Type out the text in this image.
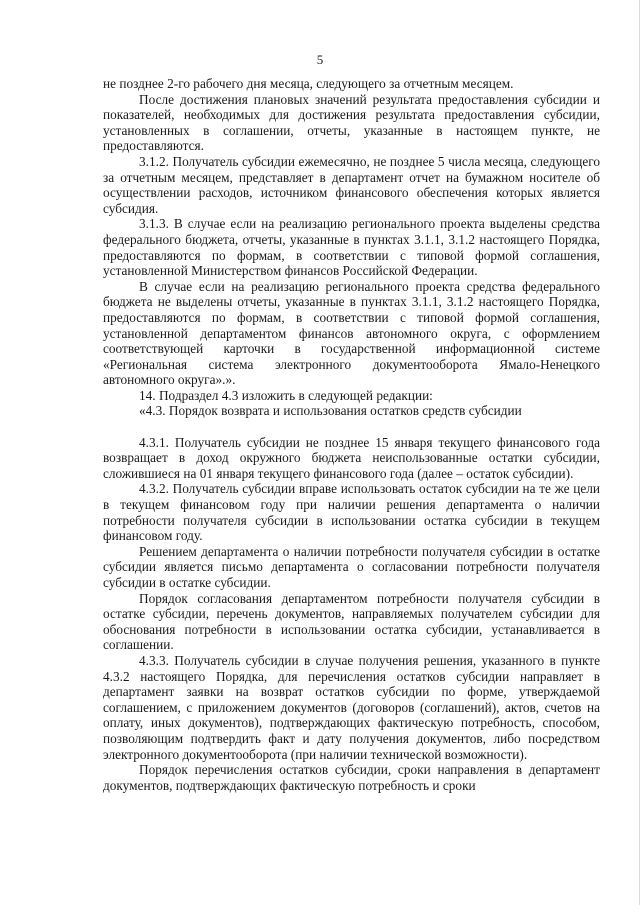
5

не позднее 2-го рабочего дня месяца, следующего за отчетным месяцем.

После достижения плановых значений результата предоставления субсидии и показателей, необходимых для достижения результата предоставления субсидии, установленных в соглашении, отчеты, указанные в настоящем пункте, не предоставляются.

3.1.2. Получатель субсидии ежемесячно, не позднее 5 числа месяца, следующего за отчетным месяцем, представляет в департамент отчет на бумажном носителе об осуществлении расходов, источником финансового обеспечения которых является субсидия.

3.1.3. В случае если на реализацию регионального проекта выделены средства федерального бюджета, отчеты, указанные в пунктах 3.1.1, 3.1.2 настоящего Порядка, предоставляются по формам, в соответствии с типовой формой соглашения, установленной Министерством финансов Российской Федерации.

В случае если на реализацию регионального проекта средства федерального бюджета не выделены отчеты, указанные в пунктах 3.1.1, 3.1.2 настоящего Порядка, предоставляются по формам, в соответствии с типовой формой соглашения, установленной департаментом финансов автономного округа, с оформлением соответствующей карточки в государственной информационной системе «Региональная система электронного документооборота Ямало-Ненецкого автономного округа».».

14. Подраздел 4.3 изложить в следующей редакции:

«4.3. Порядок возврата и использования остатков средств субсидии

4.3.1. Получатель субсидии не позднее 15 января текущего финансового года возвращает в доход окружного бюджета неиспользованные остатки субсидии, сложившиеся на 01 января текущего финансового года (далее – остаток субсидии).

4.3.2. Получатель субсидии вправе использовать остаток субсидии на те же цели в текущем финансовом году при наличии решения департамента о наличии потребности получателя субсидии в использовании остатка субсидии в текущем финансовом году.

Решением департамента о наличии потребности получателя субсидии в остатке субсидии является письмо департамента о согласовании потребности получателя субсидии в остатке субсидии.

Порядок согласования департаментом потребности получателя субсидии в остатке субсидии, перечень документов, направляемых получателем субсидии для обоснования потребности в использовании остатка субсидии, устанавливается в соглашении.

4.3.3. Получатель субсидии в случае получения решения, указанного в пункте 4.3.2 настоящего Порядка, для перечисления остатков субсидии направляет в департамент заявки на возврат остатков субсидии по форме, утверждаемой соглашением, с приложением документов (договоров (соглашений), актов, счетов на оплату, иных документов), подтверждающих фактическую потребность, способом, позволяющим подтвердить факт и дату получения документов, либо посредством электронного документооборота (при наличии технической возможности).

Порядок перечисления остатков субсидии, сроки направления в департамент документов, подтверждающих фактическую потребность и сроки
